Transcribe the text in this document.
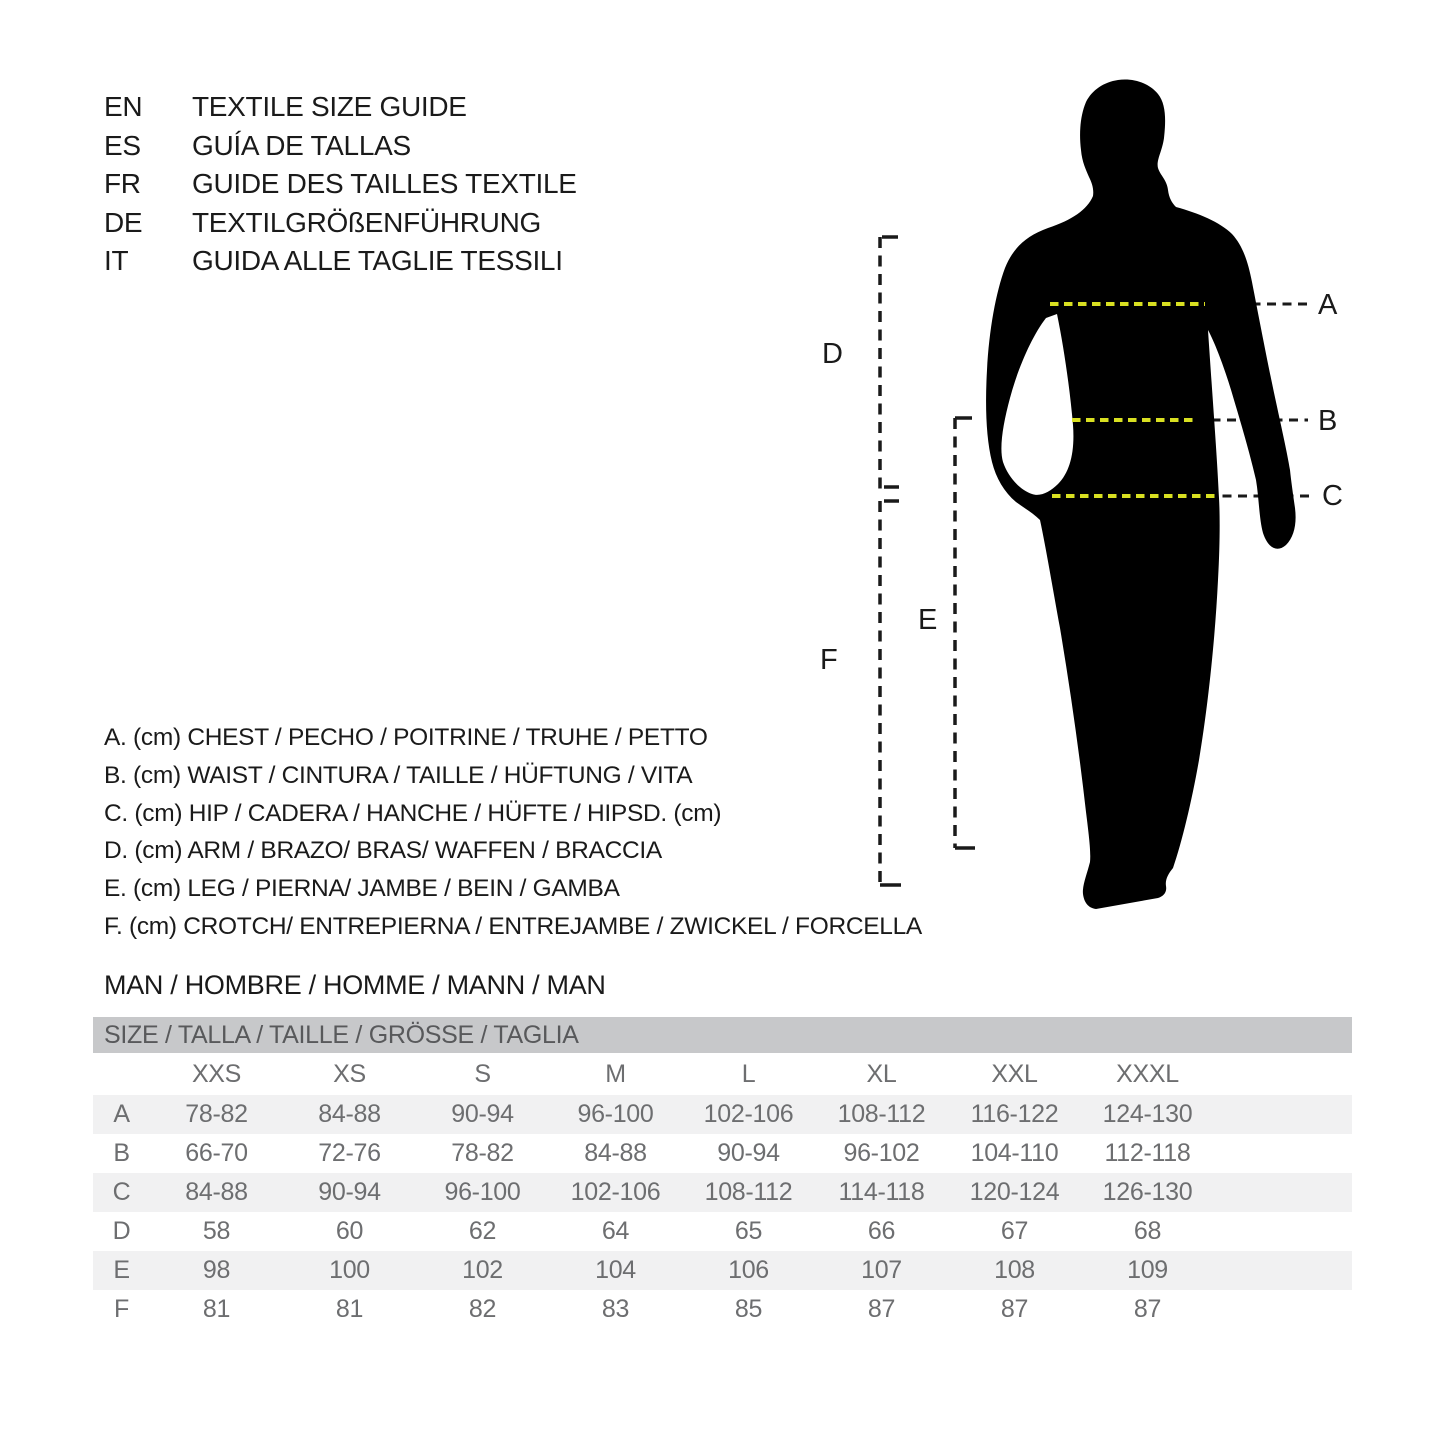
EN	TEXTILE SIZE GUIDE
ES	GUÍA DE TALLAS
FR	GUIDE DES TAILLES TEXTILE
DE	TEXTILGRÖßENFÜHRUNG
IT	GUIDA ALLE TAGLIE TESSILI
A
B
C
D
E
F
A. (cm) CHEST / PECHO / POITRINE / TRUHE / PETTO
B. (cm) WAIST / CINTURA / TAILLE / HÜFTUNG / VITA
C. (cm) HIP / CADERA / HANCHE / HÜFTE / HIPSD. (cm)
D. (cm) ARM / BRAZO/ BRAS/ WAFFEN / BRACCIA
E. (cm) LEG / PIERNA/ JAMBE / BEIN / GAMBA
F. (cm) CROTCH/ ENTREPIERNA / ENTREJAMBE / ZWICKEL / FORCELLA
MAN / HOMBRE / HOMME / MANN / MAN
SIZE / TALLA / TAILLE / GRÖSSE / TAGLIA
	XXS	XS	S	M	L	XL	XXL	XXXL	
A	78-82	84-88	90-94	96-100	102-106	108-112	116-122	124-130	
B	66-70	72-76	78-82	84-88	90-94	96-102	104-110	112-118	
C	84-88	90-94	96-100	102-106	108-112	114-118	120-124	126-130	
D	58	60	62	64	65	66	67	68	
E	98	100	102	104	106	107	108	109	
F	81	81	82	83	85	87	87	87	
